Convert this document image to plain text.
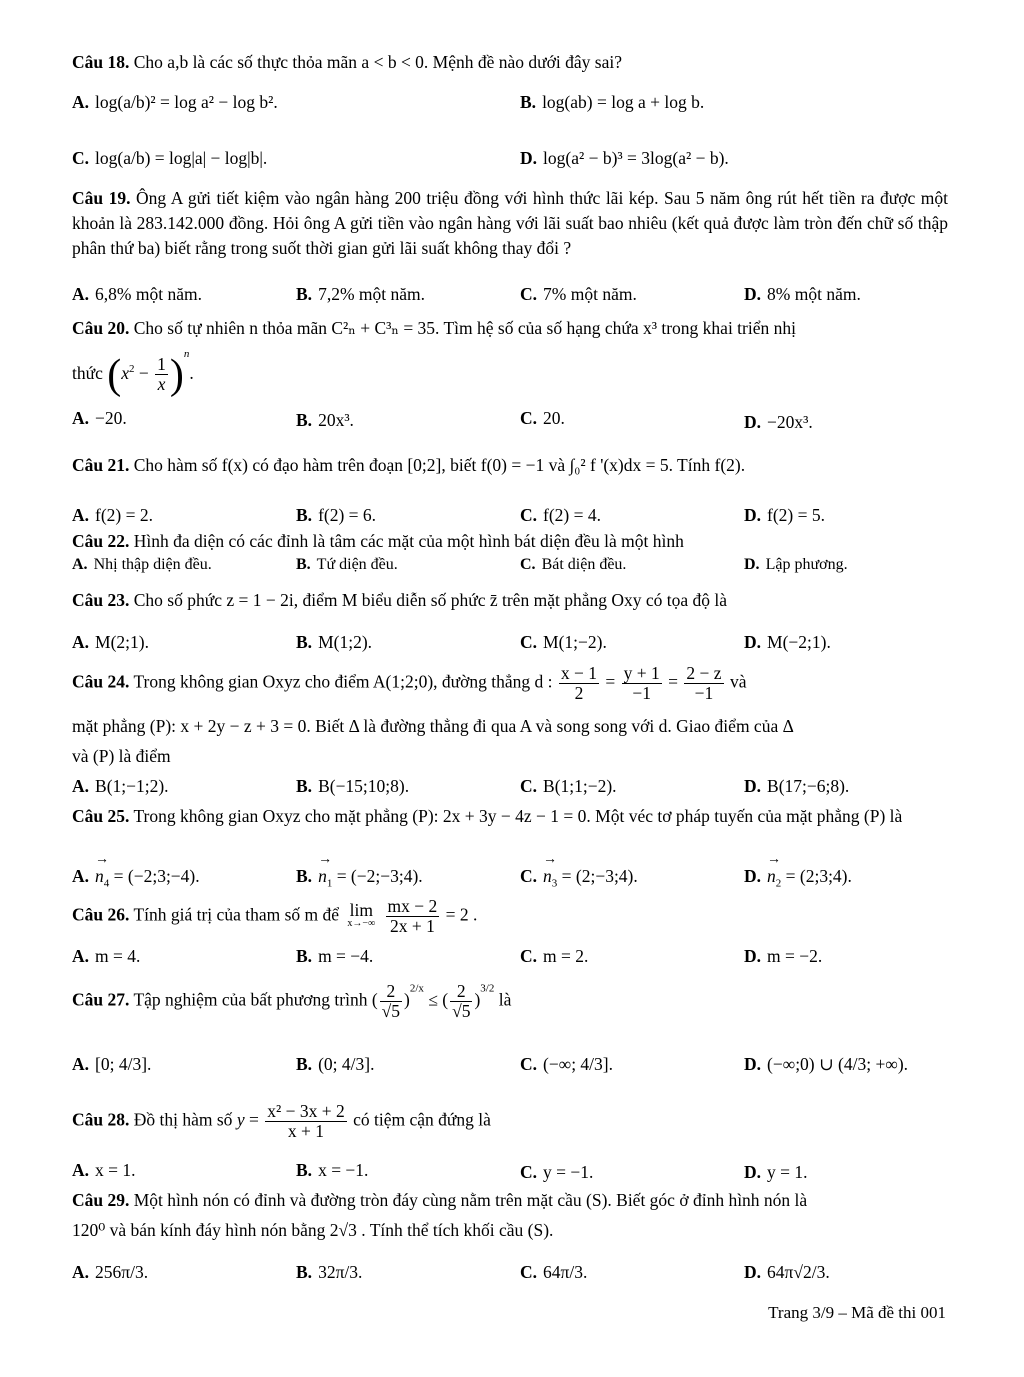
Câu 18. Cho a,b là các số thực thỏa mãn a < b < 0. Mệnh đề nào dưới đây sai?
A. log(a/b)² = log a² − log b².	B. log(ab) = log a + log b.
C. log(a/b) = log|a| − log|b|.	D. log(a² − b)³ = 3log(a² − b).
Câu 19. Ông A gửi tiết kiệm vào ngân hàng 200 triệu đồng với hình thức lãi kép. Sau 5 năm ông rút hết tiền ra được một khoản là 283.142.000 đồng. Hỏi ông A gửi tiền vào ngân hàng với lãi suất bao nhiêu (kết quả được làm tròn đến chữ số thập phân thứ ba) biết rằng trong suốt thời gian gửi lãi suất không thay đổi ?
A. 6,8% một năm.	B. 7,2% một năm.	C. 7% một năm.	D. 8% một năm.
Câu 20. Cho số tự nhiên n thỏa mãn C²ₙ + C³ₙ = 35. Tìm hệ số của số hạng chứa x³ trong khai triển nhị
thức $(x^2 - \frac{1}{x} )^n$.
A. −20.	B. 20x³.	C. 20.	D. −20x³.
Câu 21. Cho hàm số f(x) có đạo hàm trên đoạn [0;2], biết f(0) = −1 và ∫₀² f '(x)dx = 5. Tính f(2).
A. f(2) = 2.	B. f(2) = 6.	C. f(2) = 4.	D. f(2) = 5.
Câu 22. Hình đa diện có các đỉnh là tâm các mặt của một hình bát diện đều là một hình
A. Nhị thập diện đều.	B. Tứ diện đều.	C. Bát diện đều.	D. Lập phương.
Câu 23. Cho số phức z = 1 − 2i, điểm M biểu diễn số phức z̄ trên mặt phẳng Oxy có tọa độ là
A. M(2;1).	B. M(1;2).	C. M(1;−2).	D. M(−2;1).
Câu 24. Trong không gian Oxyz cho điểm A(1;2;0), đường thẳng d : $\frac{x - 1}{2} = \frac{y + 1}{-1} = \frac{2 - z}{-1}$ và
mặt phẳng (P): x + 2y − z + 3 = 0. Biết Δ là đường thẳng đi qua A và song song với d. Giao điểm của Δ
và (P) là điểm
A. B(1;−1;2).	B. B(−15;10;8).	C. B(1;1;−2).	D. B(17;−6;8).
Câu 25. Trong không gian Oxyz cho mặt phẳng (P): 2x + 3y − 4z − 1 = 0. Một véc tơ pháp tuyến của mặt phẳng (P) là
$A.\to n_4$ = (−2;3;−4).	$B.\to n_1$ = (−2;−3;4).	$C.\to n_3$ = (2;−3;4).	$D.\to n_2$ = (2;3;4).
Câu 26. Tính giá trị của tham số m để lim
x→−∞
$\frac{mx - 2}{2x + 1} = 2$ .
A. m = 4.	B. m = −4.	C. m = 2.	D. m = −2.
Câu 27. Tập nghiệm của bất phương trình ( $\frac{2}{√5} )^{2/x}$ ≤ ( $\frac{2}{√5} )^{3/2}$ là
A. [0; 4/3].	B. (0; 4/3].	C. (−∞; 4/3].	D. (−∞;0) ∪ (4/3; +∞).
Câu 28. Đồ thị hàm số $y = \frac{\text{x² − 3x + 2}}{x + 1}$ có tiệm cận đứng là
A. x = 1.	B. x = −1.	C. y = −1.	D. y = 1.
Câu 29. Một hình nón có đỉnh và đường tròn đáy cùng nằm trên mặt cầu (S). Biết góc ở đỉnh hình nón là
120⁰ và bán kính đáy hình nón bằng 2√3 . Tính thể tích khối cầu (S).
A. 256π/3.	B. 32π/3.	C. 64π/3.	D. 64π√2/3.
Trang 3/9 – Mã đề thi 001
